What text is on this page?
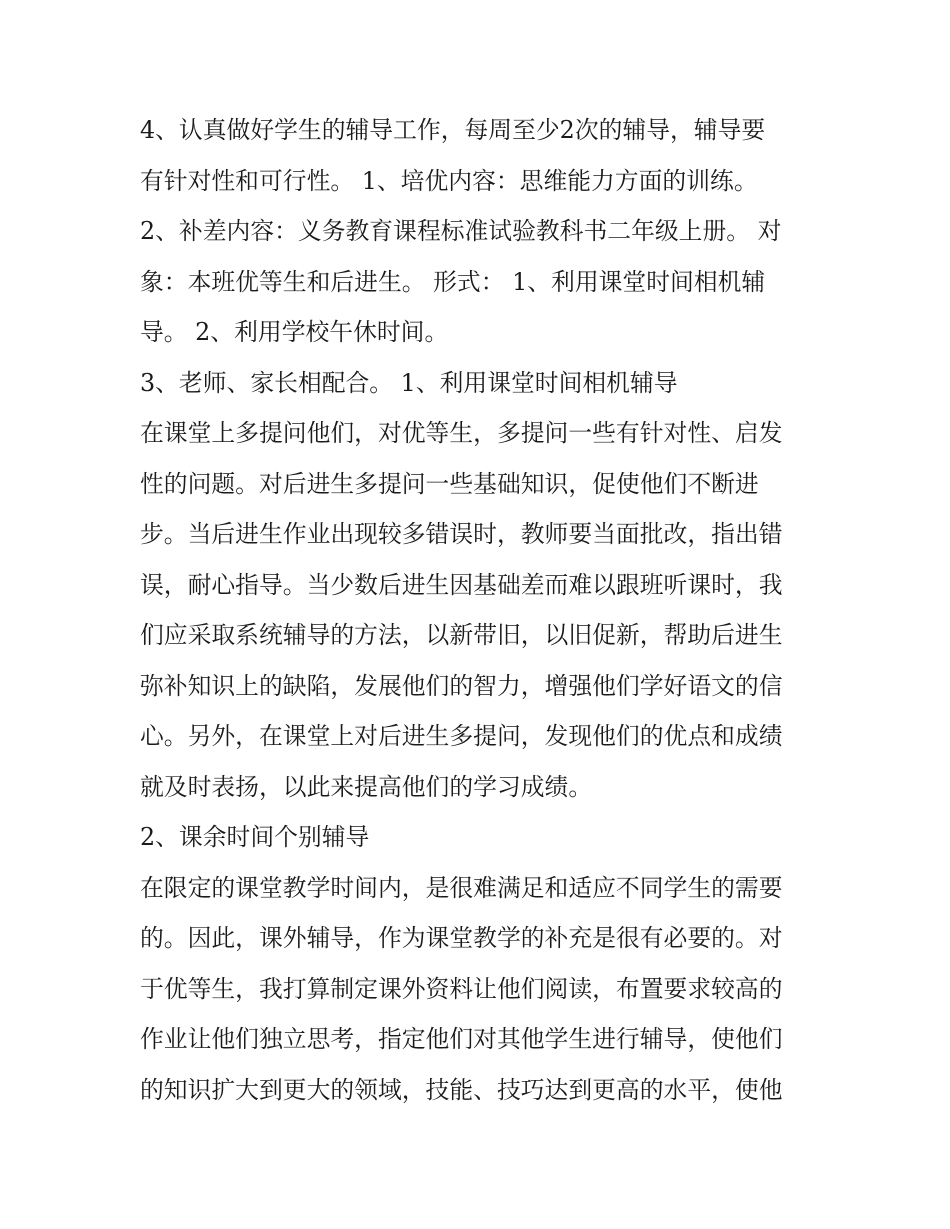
4、认真做好学生的辅导工作，每周至少2次的辅导，辅导要
有针对性和可行性。 1、培优内容：思维能力方面的训练。
2、补差内容：义务教育课程标准试验教科书二年级上册。 对
象：本班优等生和后进生。 形式： 1、利用课堂时间相机辅
导。 2、利用学校午休时间。
3、老师、家长相配合。 1、利用课堂时间相机辅导
在课堂上多提问他们，对优等生，多提问一些有针对性、启发
性的问题。对后进生多提问一些基础知识，促使他们不断进
步。当后进生作业出现较多错误时，教师要当面批改，指出错
误，耐心指导。当少数后进生因基础差而难以跟班听课时，我
们应采取系统辅导的方法，以新带旧，以旧促新，帮助后进生
弥补知识上的缺陷，发展他们的智力，增强他们学好语文的信
心。另外，在课堂上对后进生多提问，发现他们的优点和成绩
就及时表扬，以此来提高他们的学习成绩。
2、课余时间个别辅导
在限定的课堂教学时间内，是很难满足和适应不同学生的需要
的。因此，课外辅导，作为课堂教学的补充是很有必要的。对
于优等生，我打算制定课外资料让他们阅读，布置要求较高的
作业让他们独立思考，指定他们对其他学生进行辅导，使他们
的知识扩大到更大的领域，技能、技巧达到更高的水平，使他
